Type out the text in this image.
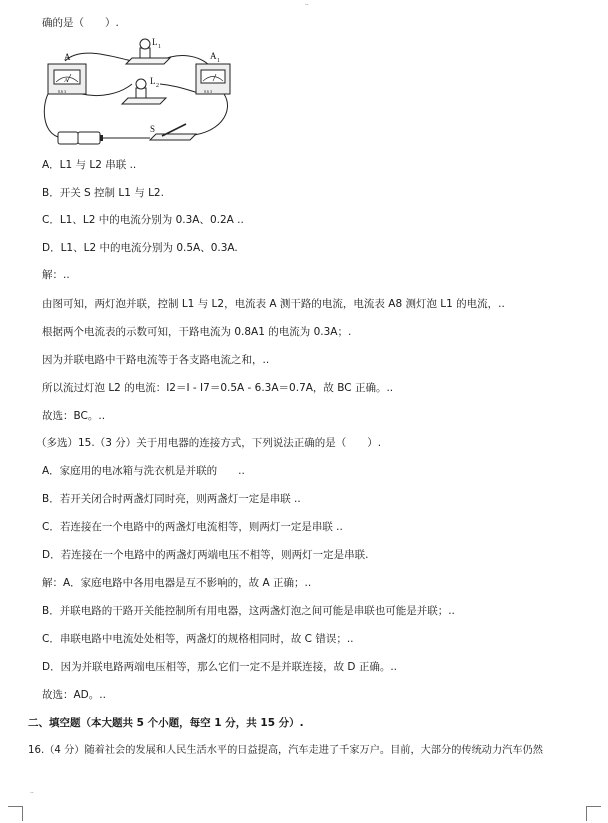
..
确的是（　　）.
A
A
0.6 3
A 1
0.6 3
L 1
L 2
S
A．L1 与 L2 串联 ..
B．开关 S 控制 L1 与 L2.
C．L1、L2 中的电流分别为 0.3A、0.2A ..
D．L1、L2 中的电流分别为 0.5A、0.3A.
解：..
由图可知，两灯泡并联，控制 L1 与 L2，电流表 A 测干路的电流，电流表 A8 测灯泡 L1 的电流，..
根据两个电流表的示数可知，干路电流为 0.8A1 的电流为 0.3A；.
因为并联电路中干路电流等于各支路电流之和，..
所以流过灯泡 L2 的电流：I2＝I - I7＝0.5A - 6.3A＝0.7A，故 BC 正确。..
故选：BC。..
（多选）15.（3 分）关于用电器的连接方式，下列说法正确的是（　　）.
A．家庭用的电冰箱与洗衣机是并联的　　..
B．若开关闭合时两盏灯同时亮，则两盏灯一定是串联 ..
C．若连接在一个电路中的两盏灯电流相等，则两灯一定是串联 ..
D．若连接在一个电路中的两盏灯两端电压不相等，则两灯一定是串联.
解：A．家庭电路中各用电器是互不影响的，故 A 正确；..
B．并联电路的干路开关能控制所有用电器，这两盏灯泡之间可能是串联也可能是并联；..
C．串联电路中电流处处相等，两盏灯的规格相同时，故 C 错误；..
D．因为并联电路两端电压相等，那么它们一定不是并联连接，故 D 正确。..
故选：AD。..
二、填空题（本大题共 5 个小题，每空 1 分，共 15 分）.
16.（4 分）随着社会的发展和人民生活水平的日益提高，汽车走进了千家万户。目前，大部分的传统动力汽车仍然
..
